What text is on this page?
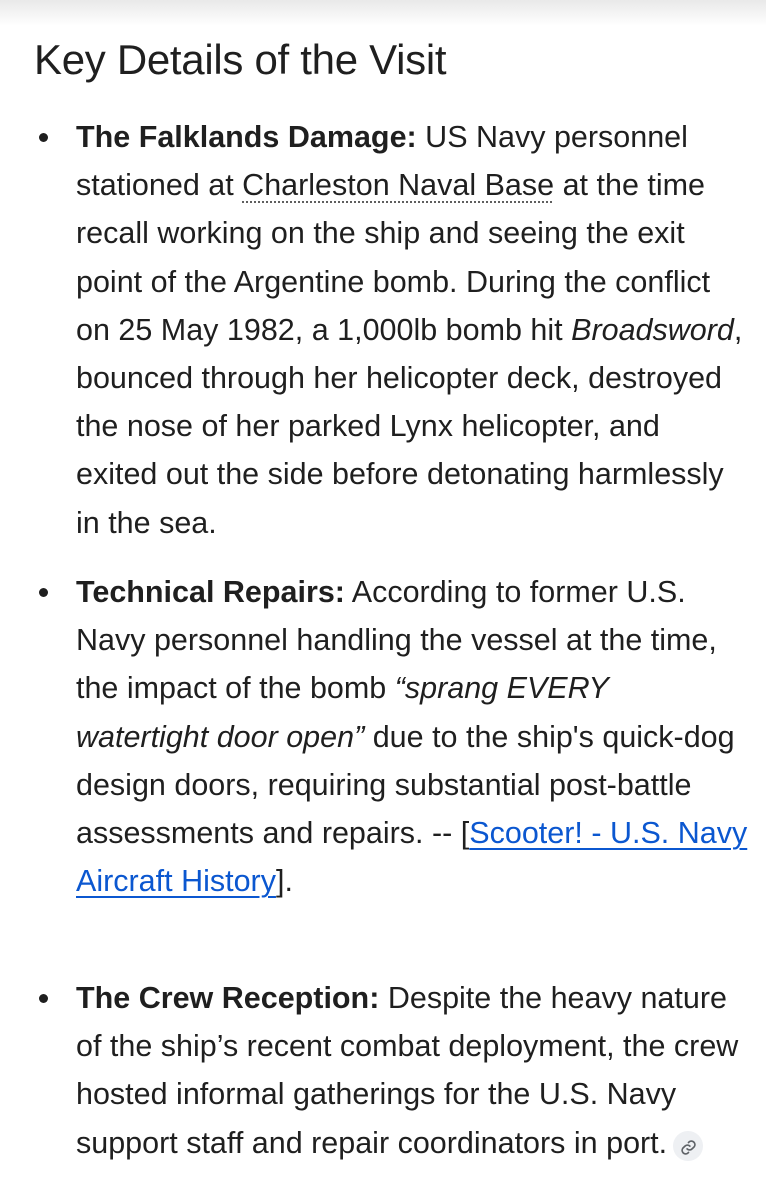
Key Details of the Visit
The Falklands Damage: US Navy personnel stationed at Charleston Naval Base at the time recall working on the ship and seeing the exit point of the Argentine bomb. During the conflict on 25 May 1982, a 1,000lb bomb hit Broadsword, bounced through her helicopter deck, destroyed the nose of her parked Lynx helicopter, and exited out the side before detonating harmlessly in the sea.
Technical Repairs: According to former U.S. Navy personnel handling the vessel at the time, the impact of the bomb “sprang EVERY watertight door open” due to the ship's quick-dog design doors, requiring substantial post-battle assessments and repairs. -- [Scooter! - U.S. Navy Aircraft History].
The Crew Reception: Despite the heavy nature of the ship’s recent combat deployment, the crew hosted informal gatherings for the U.S. Navy support staff and repair coordinators in port.
